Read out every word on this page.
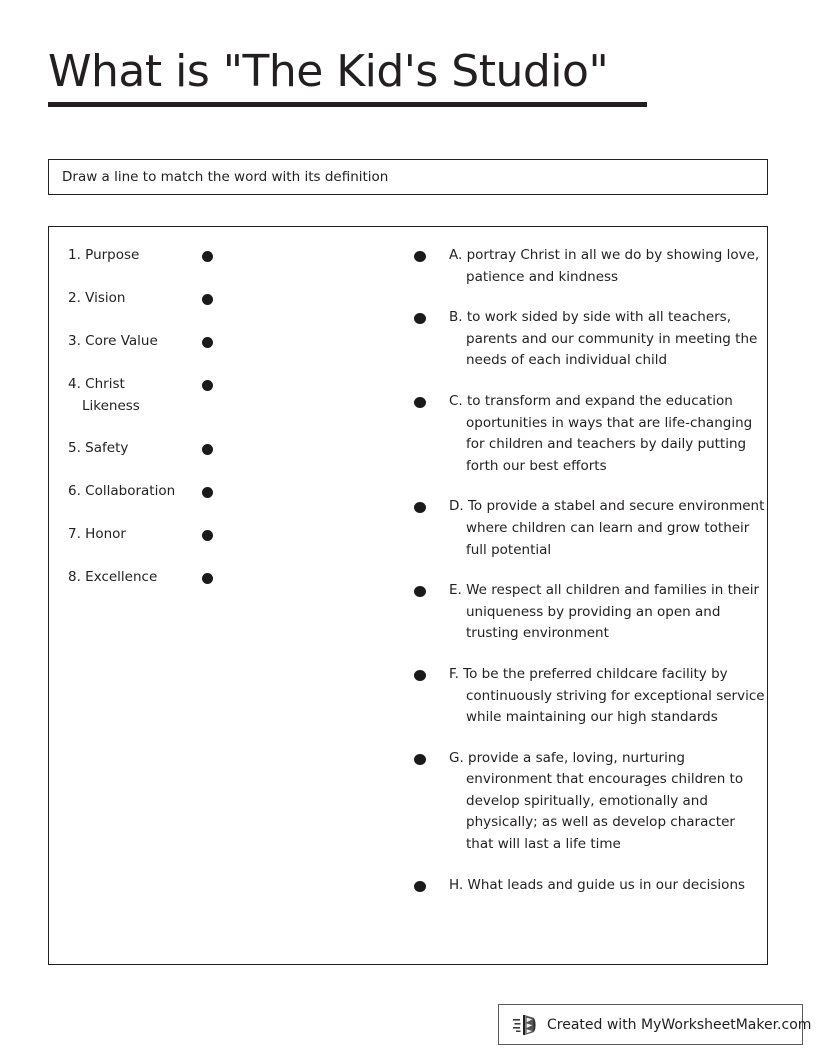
What is "The Kid's Studio"
Draw a line to match the word with its definition
1. Purpose
2. Vision
3. Core Value
4. Christ
Likeness
5. Safety
6. Collaboration
7. Honor
8. Excellence
A. portray Christ in all we do by showing love, patience and kindness
B. to work sided by side with all teachers, parents and our community in meeting the needs of each individual child
C. to transform and expand the education oportunities in ways that are life-changing for children and teachers by daily putting forth our best efforts
D. To provide a stabel and secure environment where children can learn and grow totheir full potential
E. We respect all children and families in their uniqueness by providing an open and trusting environment
F. To be the preferred childcare facility by continuously striving for exceptional service while maintaining our high standards
G. provide a safe, loving, nurturing environment that encourages children to develop spiritually, emotionally and physically; as well as develop character that will last a life time
H. What leads and guide us in our decisions
Created with MyWorksheetMaker.com
